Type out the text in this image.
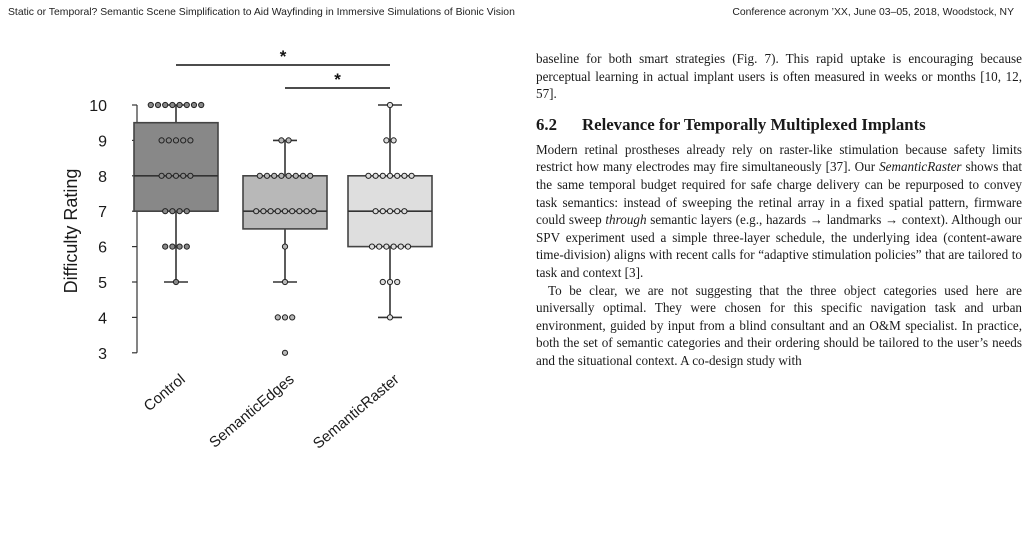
Static or Temporal? Semantic Scene Simplification to Aid Wayfinding in Immersive Simulations of Bionic Vision	Conference acronym ’XX, June 03–05, 2018, Woodstock, NY
3
4
5
6
7
8
9
10
Control SemanticEdges SemanticRaster
*
*
Difficulty Rating

baseline for both smart strategies (Fig. 7). This rapid uptake is encouraging because perceptual learning in actual implant users is often measured in weeks or months [10, 12, 57].

6.2	Relevance for Temporally Multiplexed Implants

Modern retinal prostheses already rely on raster-like stimulation because safety limits restrict how many electrodes may fire simultaneously [37]. Our SemanticRaster shows that the same temporal budget required for safe charge delivery can be repurposed to convey task semantics: instead of sweeping the retinal array in a fixed spatial pattern, firmware could sweep through semantic layers (e.g., hazards → landmarks → context). Although our SPV experiment used a simple three-layer schedule, the underlying idea (content-aware time-division) aligns with recent calls for “adaptive stimulation policies” that are tailored to task and context [3].

To be clear, we are not suggesting that the three object categories used here are universally optimal. They were chosen for this specific navigation task and urban environment, guided by input from a blind consultant and an O&M specialist. In practice, both the set of semantic categories and their ordering should be tailored to the user’s needs and the situational context. A co-design study with
